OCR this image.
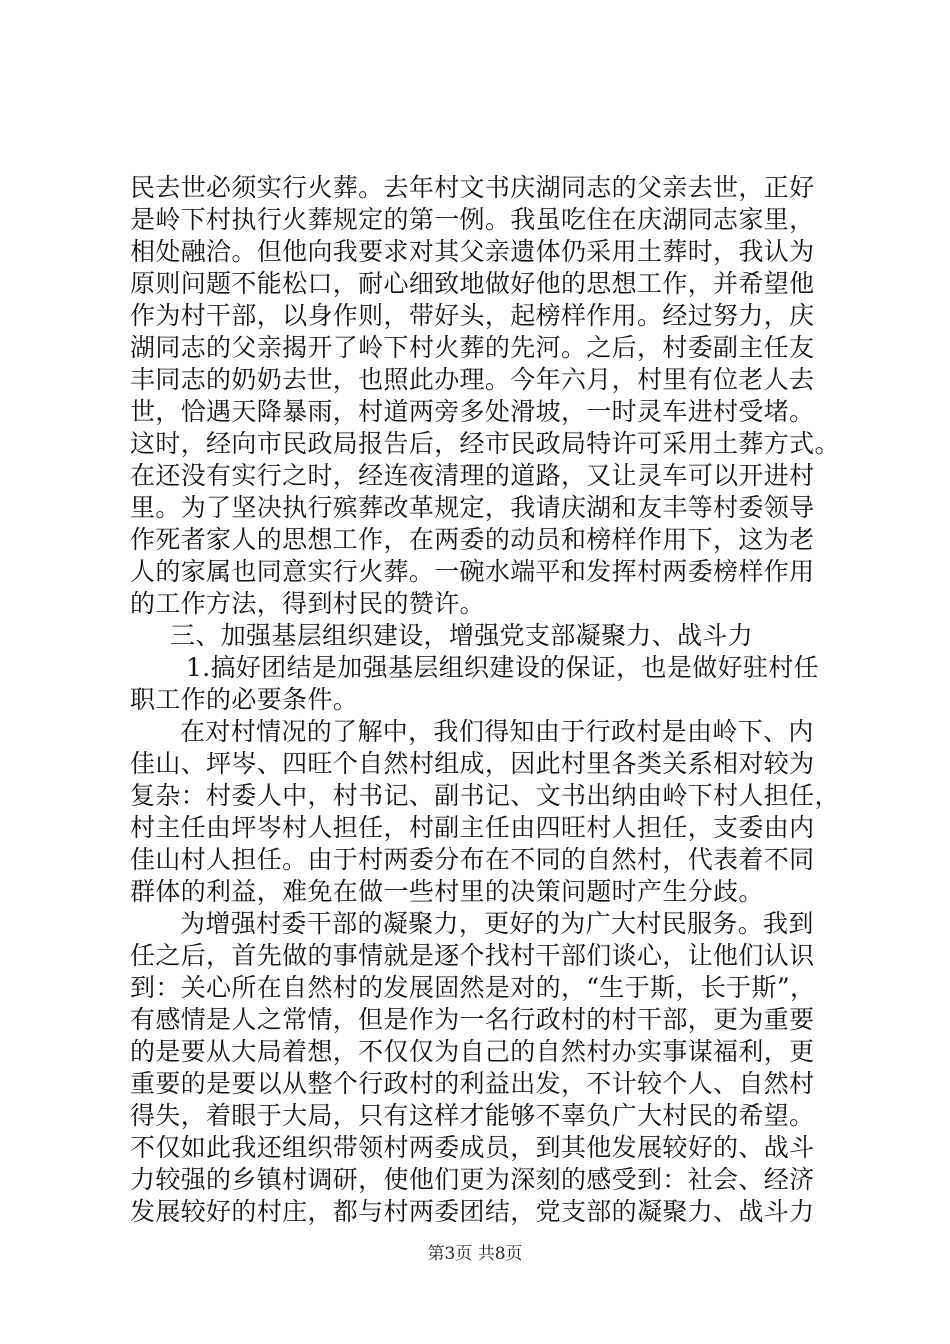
民去世必须实行火葬。去年村文书庆湖同志的父亲去世，正好
是岭下村执行火葬规定的第一例。我虽吃住在庆湖同志家里，
相处融洽。但他向我要求对其父亲遗体仍采用土葬时，我认为
原则问题不能松口，耐心细致地做好他的思想工作，并希望他
作为村干部，以身作则，带好头，起榜样作用。经过努力，庆
湖同志的父亲揭开了岭下村火葬的先河。之后，村委副主任友
丰同志的奶奶去世，也照此办理。今年六月，村里有位老人去
世，恰遇天降暴雨，村道两旁多处滑坡，一时灵车进村受堵。
这时，经向市民政局报告后，经市民政局特许可采用土葬方式。
在还没有实行之时，经连夜清理的道路，又让灵车可以开进村
里。为了坚决执行殡葬改革规定，我请庆湖和友丰等村委领导
作死者家人的思想工作，在两委的动员和榜样作用下，这为老
人的家属也同意实行火葬。一碗水端平和发挥村两委榜样作用
的工作方法，得到村民的赞许。
三、加强基层组织建设，增强党支部凝聚力、战斗力
1.搞好团结是加强基层组织建设的保证，也是做好驻村任
职工作的必要条件。
在对村情况的了解中，我们得知由于行政村是由岭下、内
佳山、坪岑、四旺个自然村组成，因此村里各类关系相对较为
复杂：村委人中，村书记、副书记、文书出纳由岭下村人担任，
村主任由坪岑村人担任，村副主任由四旺村人担任，支委由内
佳山村人担任。由于村两委分布在不同的自然村，代表着不同
群体的利益，难免在做一些村里的决策问题时产生分歧。
为增强村委干部的凝聚力，更好的为广大村民服务。我到
任之后，首先做的事情就是逐个找村干部们谈心，让他们认识
到：关心所在自然村的发展固然是对的，“生于斯，长于斯”，
有感情是人之常情，但是作为一名行政村的村干部，更为重要
的是要从大局着想，不仅仅为自己的自然村办实事谋福利，更
重要的是要以从整个行政村的利益出发，不计较个人、自然村
得失，着眼于大局，只有这样才能够不辜负广大村民的希望。
不仅如此我还组织带领村两委成员，到其他发展较好的、战斗
力较强的乡镇村调研，使他们更为深刻的感受到：社会、经济
发展较好的村庄，都与村两委团结，党支部的凝聚力、战斗力
第3页 共8页
